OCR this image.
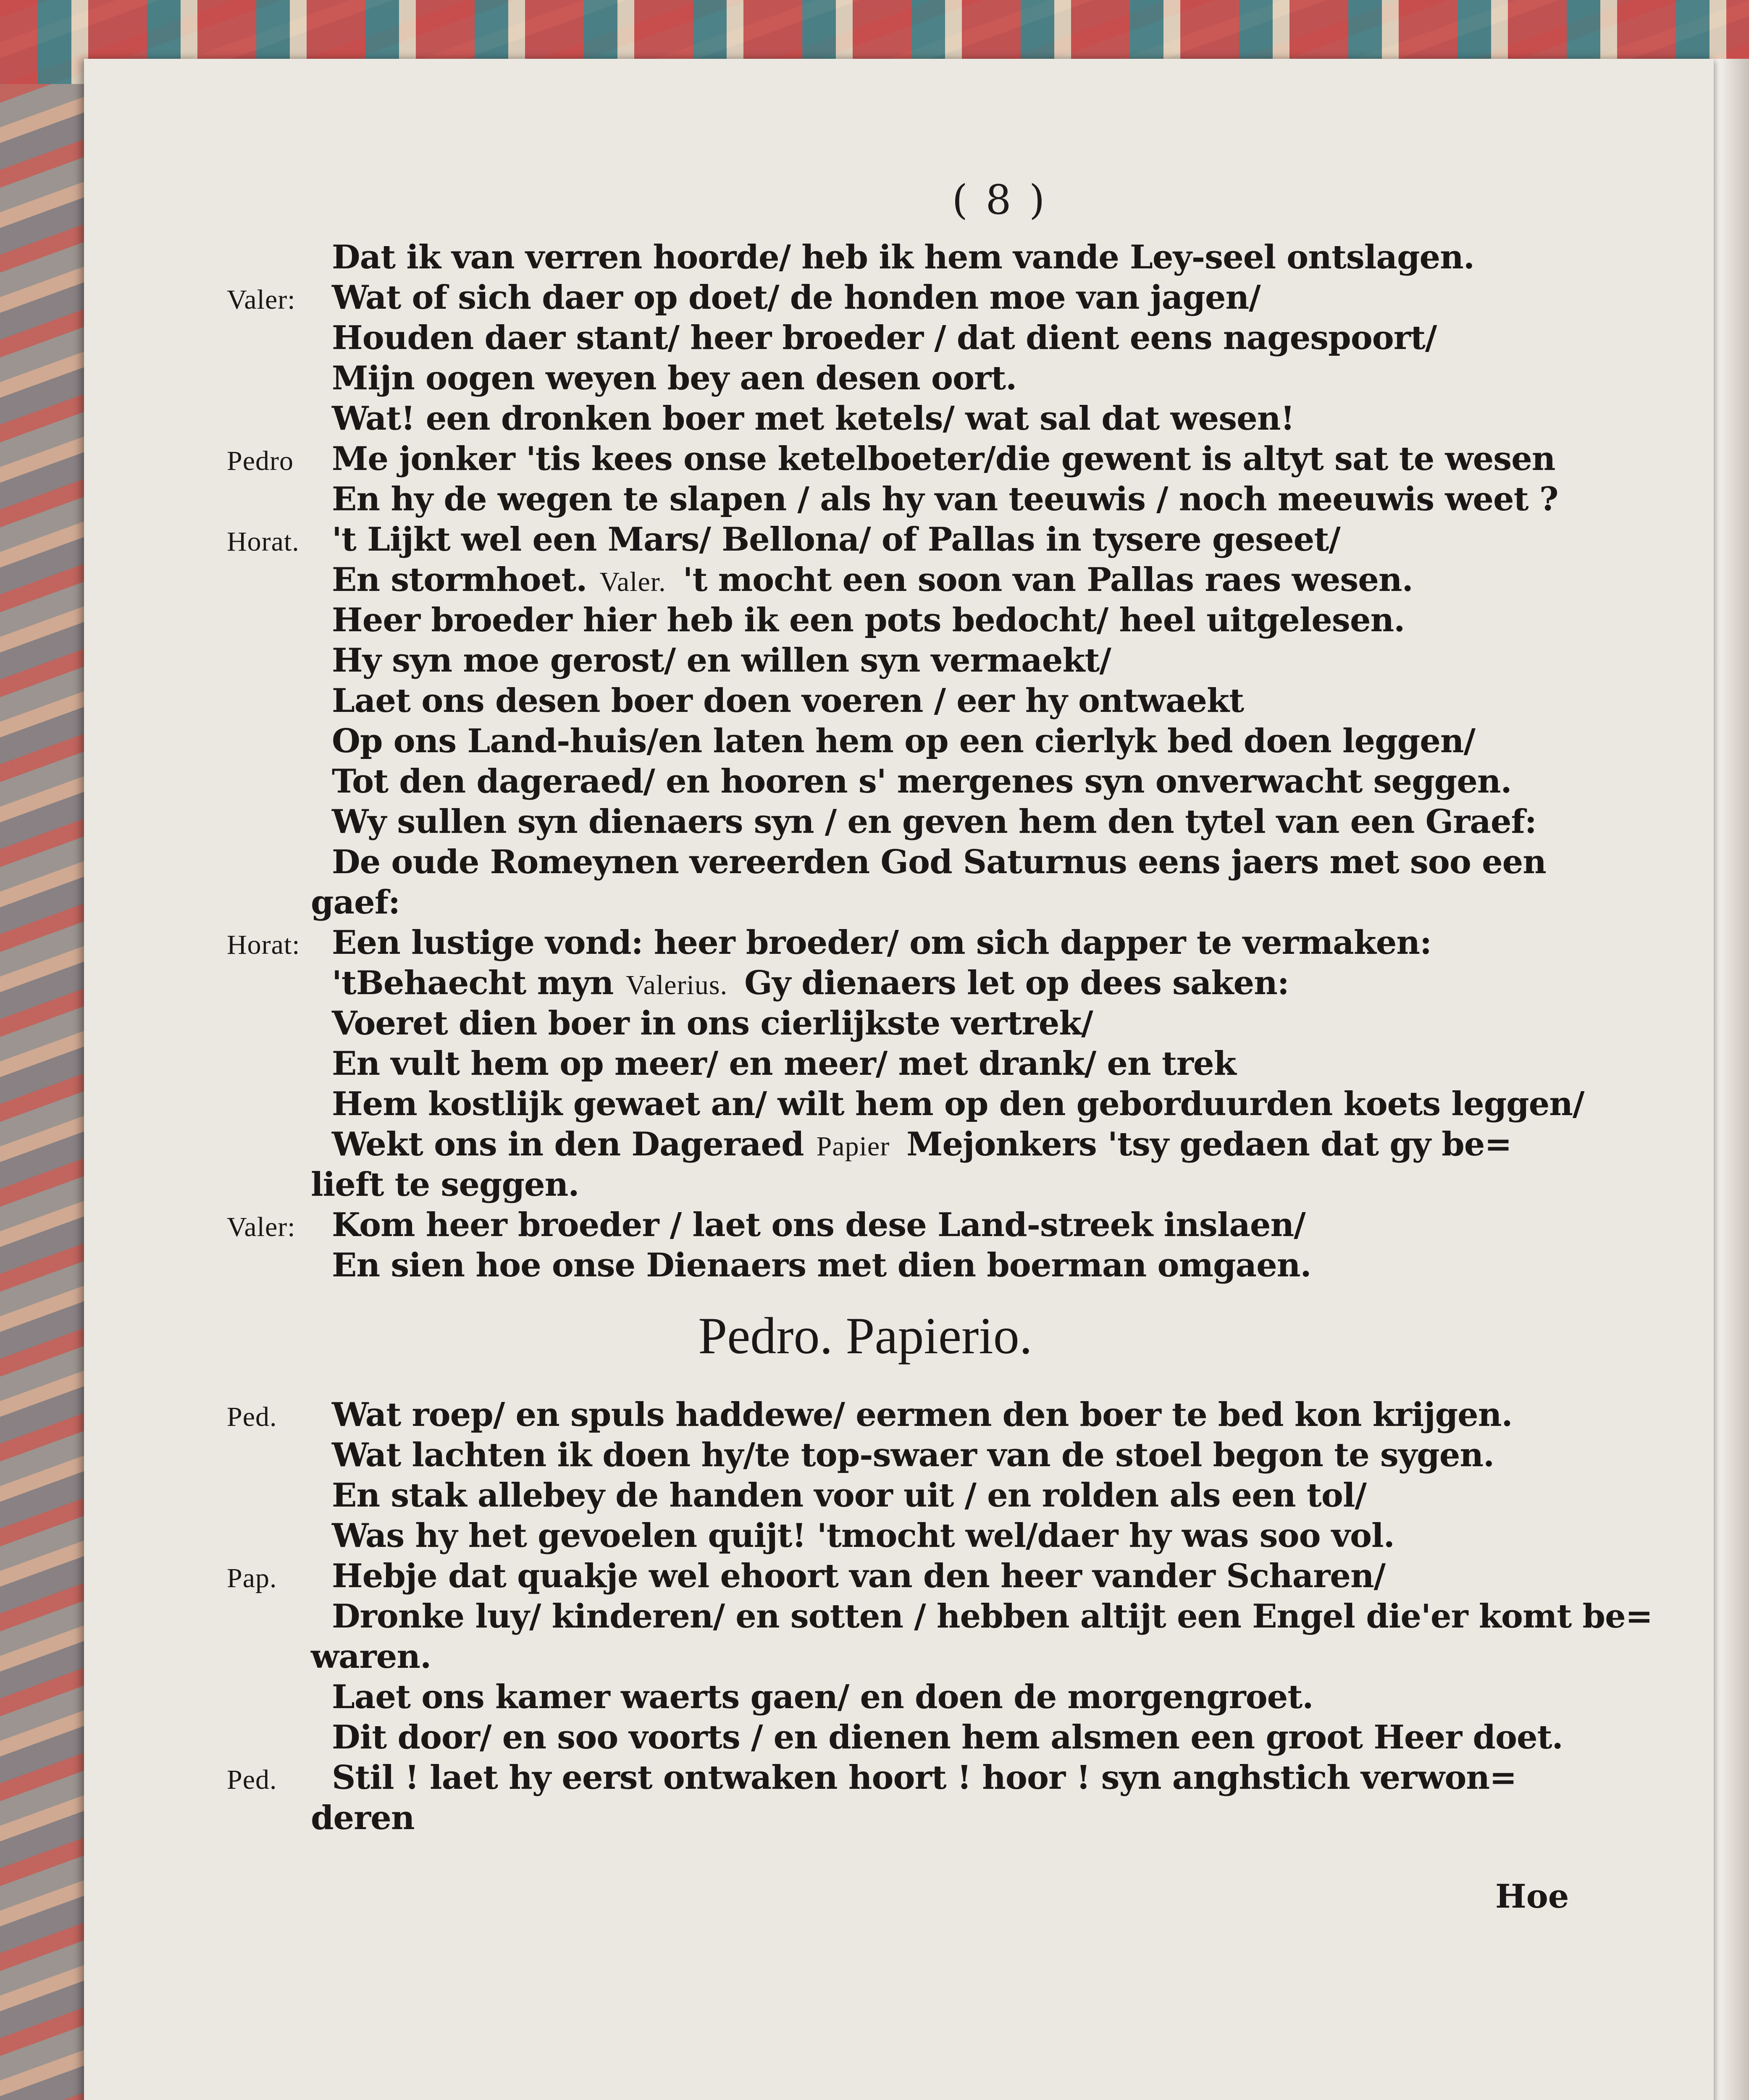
( 8 )
Dat ik van verren hoorde/ heb ik hem vande Ley-seel ontslagen.
Valer: Wat of sich daer op doet/ de honden moe van jagen/
Houden daer stant/ heer broeder / dat dient eens nagespoort/
Mijn oogen weyen bey aen desen oort.
Wat! een dronken boer met ketels/ wat sal dat wesen!
Pedro Me jonker 'tis kees onse ketelboeter/die gewent is altyt sat te wesen
En hy de wegen te slapen / als hy van teeuwis / noch meeuwis weet ?
Horat. 't Lijkt wel een Mars/ Bellona/ of Pallas in tysere geseet/
En stormhoet. Valer. 't mocht een soon van Pallas raes wesen.
Heer broeder hier heb ik een pots bedocht/ heel uitgelesen.
Hy syn moe gerost/ en willen syn vermaekt/
Laet ons desen boer doen voeren / eer hy ontwaekt
Op ons Land-huis/en laten hem op een cierlyk bed doen leggen/
Tot den dageraed/ en hooren s' mergenes syn onverwacht seggen.
Wy sullen syn dienaers syn / en geven hem den tytel van een Graef:
De oude Romeynen vereerden God Saturnus eens jaers met soo een
gaef:
Horat: Een lustige vond: heer broeder/ om sich dapper te vermaken:
'tBehaecht myn Valerius. Gy dienaers let op dees saken:
Voeret dien boer in ons cierlijkste vertrek/
En vult hem op meer/ en meer/ met drank/ en trek
Hem kostlijk gewaet an/ wilt hem op den geborduurden koets leggen/
Wekt ons in den Dageraed Papier Mejonkers 'tsy gedaen dat gy be=
lieft te seggen.
Valer: Kom heer broeder / laet ons dese Land-streek inslaen/
En sien hoe onse Dienaers met dien boerman omgaen.
Pedro. Papierio.
Ped. Wat roep/ en spuls haddewe/ eermen den boer te bed kon krijgen.
Wat lachten ik doen hy/te top-swaer van de stoel begon te sygen.
En stak allebey de handen voor uit / en rolden als een tol/
Was hy het gevoelen quijt! 'tmocht wel/daer hy was soo vol.
Pap. Hebje dat quakje wel ehoort van den heer vander Scharen/
Dronke luy/ kinderen/ en sotten / hebben altijt een Engel die'er komt be=
waren.
Laet ons kamer waerts gaen/ en doen de morgengroet.
Dit door/ en soo voorts / en dienen hem alsmen een groot Heer doet.
Ped. Stil ! laet hy eerst ontwaken hoort ! hoor ! syn anghstich verwon=
deren
Hoe
